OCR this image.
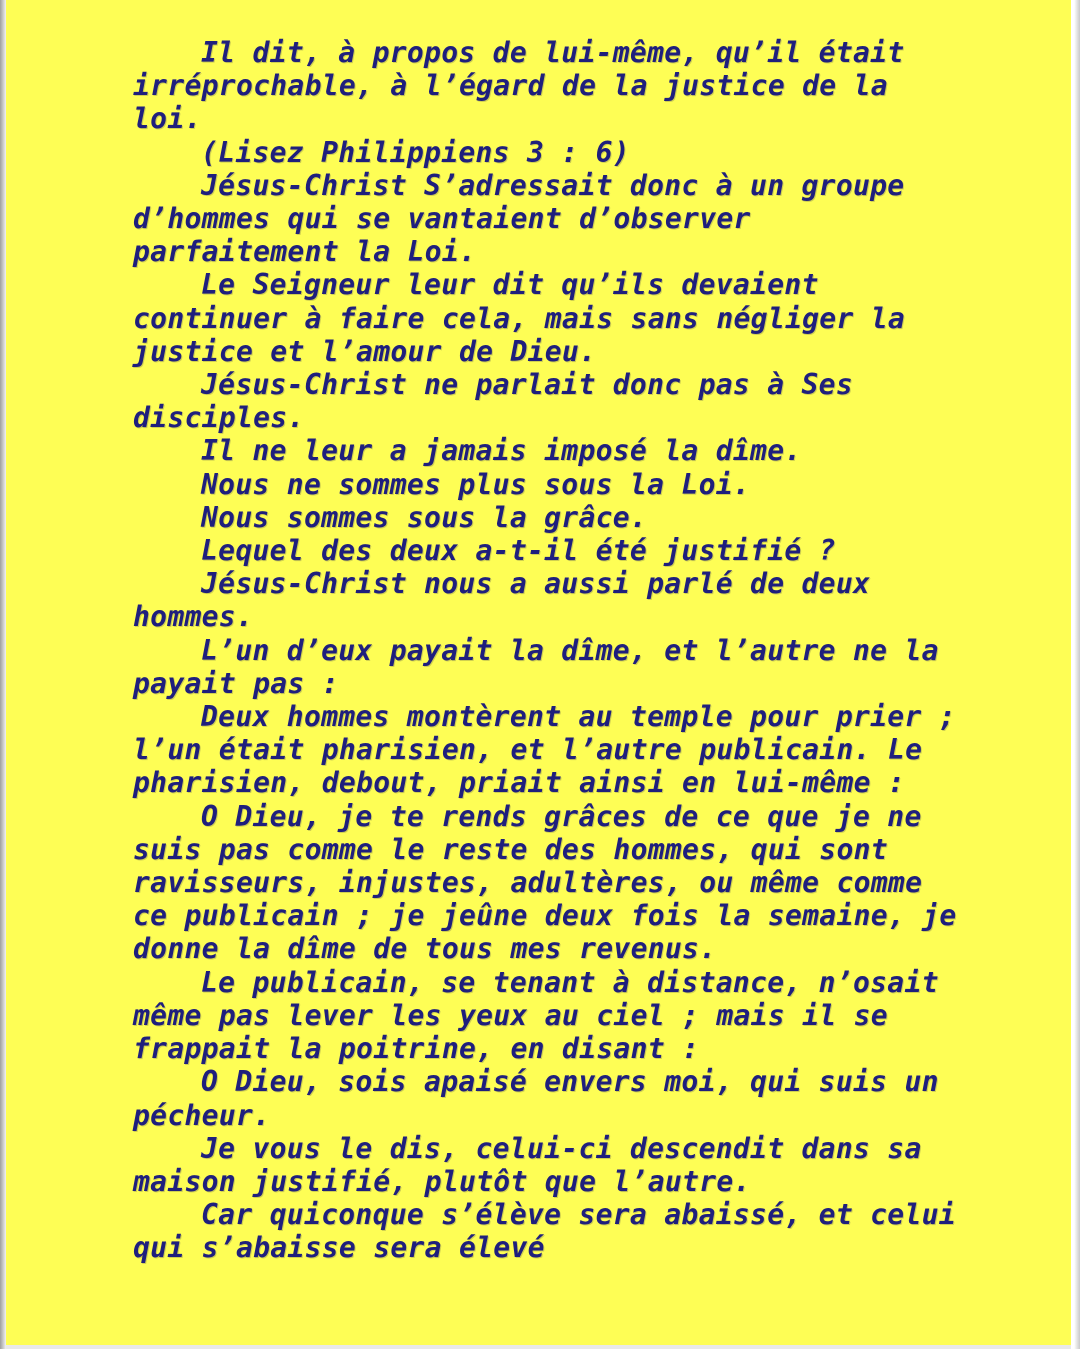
Il dit, à propos de lui-même, qu’il était
irréprochable, à l’égard de la justice de la
loi.
(Lisez Philippiens 3 : 6)
Jésus-Christ S’adressait donc à un groupe
d’hommes qui se vantaient d’observer
parfaitement la Loi.
Le Seigneur leur dit qu’ils devaient
continuer à faire cela, mais sans négliger la
justice et l’amour de Dieu.
Jésus-Christ ne parlait donc pas à Ses
disciples.
Il ne leur a jamais imposé la dîme.
Nous ne sommes plus sous la Loi.
Nous sommes sous la grâce.
Lequel des deux a-t-il été justifié ?
Jésus-Christ nous a aussi parlé de deux
hommes.
L’un d’eux payait la dîme, et l’autre ne la
payait pas :
Deux hommes montèrent au temple pour prier ;
l’un était pharisien, et l’autre publicain. Le
pharisien, debout, priait ainsi en lui-même :
O Dieu, je te rends grâces de ce que je ne
suis pas comme le reste des hommes, qui sont
ravisseurs, injustes, adultères, ou même comme
ce publicain ; je jeûne deux fois la semaine, je
donne la dîme de tous mes revenus.
Le publicain, se tenant à distance, n’osait
même pas lever les yeux au ciel ; mais il se
frappait la poitrine, en disant :
O Dieu, sois apaisé envers moi, qui suis un
pécheur.
Je vous le dis, celui-ci descendit dans sa
maison justifié, plutôt que l’autre.
Car quiconque s’élève sera abaissé, et celui
qui s’abaisse sera élevé
